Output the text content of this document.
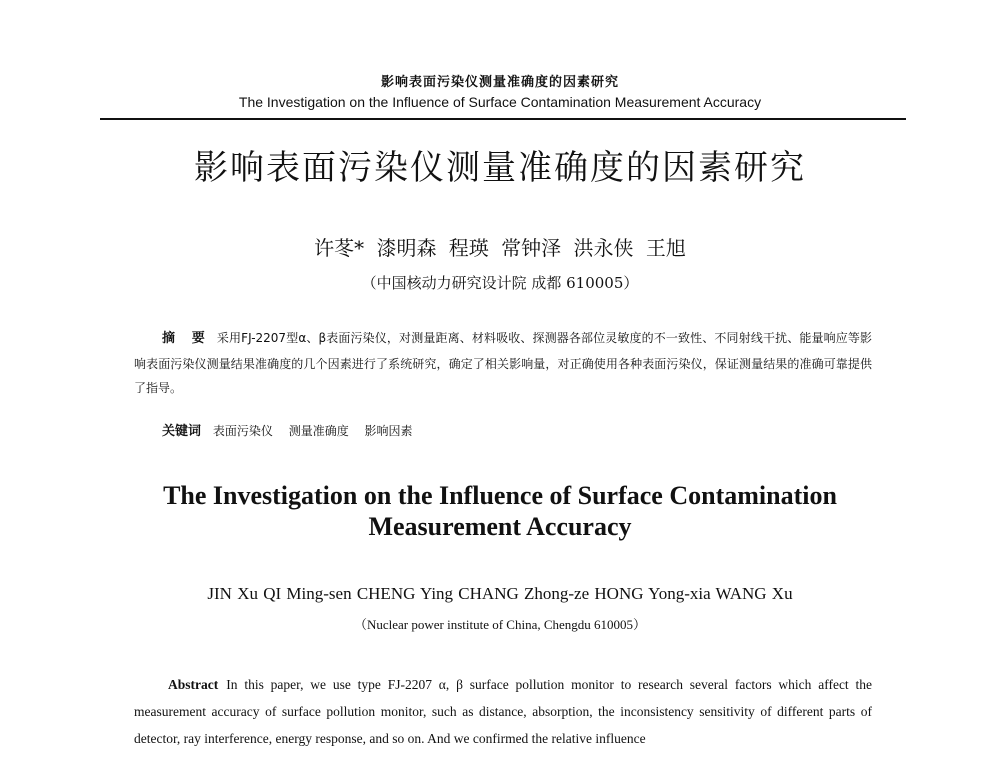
影响表面污染仪测量准确度的因素研究
The Investigation on the Influence of Surface Contamination Measurement Accuracy
影响表面污染仪测量准确度的因素研究
许苳* 漆明森 程瑛 常钟泽 洪永侠 王旭
（中国核动力研究设计院 成都 610005）
摘 要 采用FJ-2207型α、β表面污染仪，对测量距离、材料吸收、探测器各部位灵敏度的不一致性、不同射线干扰、能量响应等影响表面污染仪测量结果准确度的几个因素进行了系统研究，确定了相关影响量，对正确使用各种表面污染仪，保证测量结果的准确可靠提供了指导。
关键词 表面污染仪 测量准确度 影响因素
The Investigation on the Influence of Surface Contamination
Measurement Accuracy
JIN Xu QI Ming-sen CHENG Ying CHANG Zhong-ze HONG Yong-xia WANG Xu
（Nuclear power institute of China, Chengdu 610005）
Abstract In this paper, we use type FJ-2207 α, β surface pollution monitor to research several factors which affect the measurement accuracy of surface pollution monitor, such as distance, absorption, the inconsistency sensitivity of different parts of detector, ray interference, energy response, and so on. And we confirmed the relative influence
